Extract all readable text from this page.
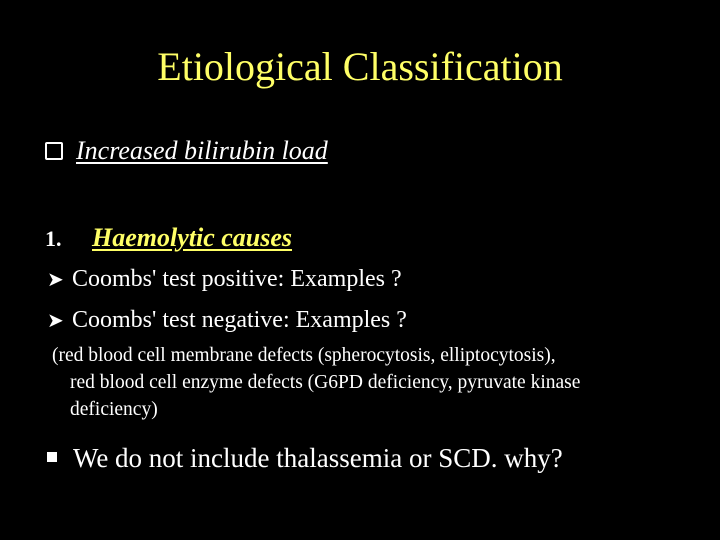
Etiological Classification
Increased bilirubin load
1. Haemolytic causes
➤ Coombs' test positive: Examples ?
➤ Coombs' test negative: Examples ?
(red blood cell membrane defects (spherocytosis, elliptocytosis),
red blood cell enzyme defects (G6PD deficiency, pyruvate kinase
deficiency)
We do not include thalassemia or SCD. why?
